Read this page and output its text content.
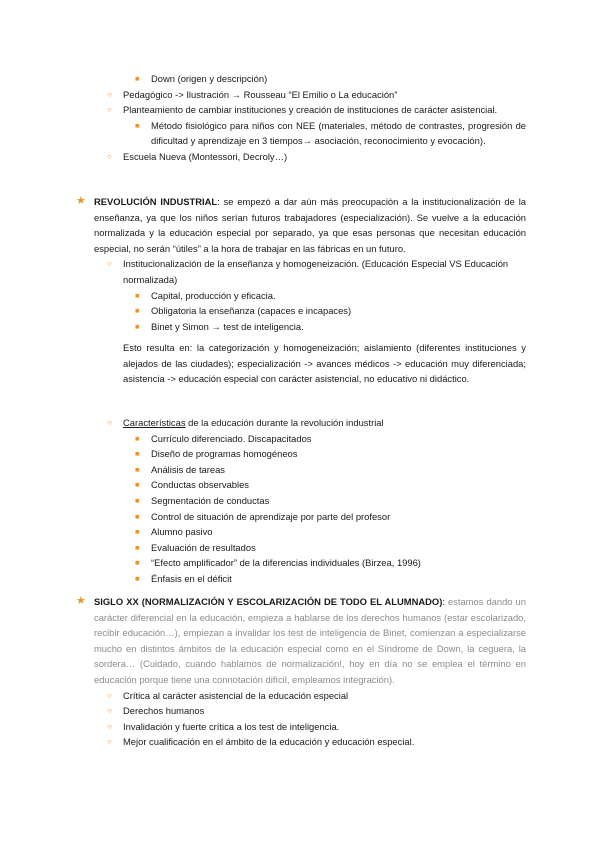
■ Down (origen y descripción)
○ Pedagógico -> Ilustración → Rousseau “El Emilio o La educación”
○ Planteamiento de cambiar instituciones y creación de instituciones de carácter asistencial.
■ Método fisiológico para niños con NEE (materiales, método de contrastes, progresión de dificultad y aprendizaje en 3 tiempos→ asociación, reconocimiento y evocación).
○ Escuela Nueva (Montessori, Decroly…)
★ REVOLUCIÓN INDUSTRIAL: se empezó a dar aún más preocupación a la institucionalización de la enseñanza, ya que los niños serían futuros trabajadores (especialización). Se vuelve a la educación normalizada y la educación especial por separado, ya que esas personas que necesitan educación especial, no serán “útiles” a la hora de trabajar en las fábricas en un futuro.
○ Institucionalización de la enseñanza y homogeneización. (Educación Especial VS Educación normalizada)
■ Capital, producción y eficacia.
■ Obligatoria la enseñanza (capaces e incapaces)
■ Binet y Simon → test de inteligencia.
Esto resulta en: la categorización y homogeneización; aislamiento (diferentes instituciones y alejados de las ciudades); especialización -> avances médicos -> educación muy diferenciada; asistencia -> educación especial con carácter asistencial, no educativo ni didáctico.
○ Características de la educación durante la revolución industrial
■ Currículo diferenciado. Discapacitados
■ Diseño de programas homogéneos
■ Análisis de tareas
■ Conductas observables
■ Segmentación de conductas
■ Control de situación de aprendizaje por parte del profesor
■ Alumno pasivo
■ Evaluación de resultados
■ “Efecto amplificador” de la diferencias individuales (Birzea, 1996)
■ Énfasis en el déficit
★ SIGLO XX (NORMALIZACIÓN Y ESCOLARIZACIÓN DE TODO EL ALUMNADO): estamos dando un carácter diferencial en la educación, empieza a hablarse de los derechos humanos (estar escolarizado, recibir educación…), empiezan a invalidar los test de inteligencia de Binet, comienzan a especializarse mucho en distintos ámbitos de la educación especial como en el Síndrome de Down, la ceguera, la sordera… (Cuidado, cuando hablamos de normalización!, hoy en día no se emplea el término en educación porque tiene una connotación difícil, empleamos integración).
○ Crítica al carácter asistencial de la educación especial
○ Derechos humanos
○ Invalidación y fuerte crítica a los test de inteligencia.
○ Mejor cualificación en el ámbito de la educación y educación especial.
